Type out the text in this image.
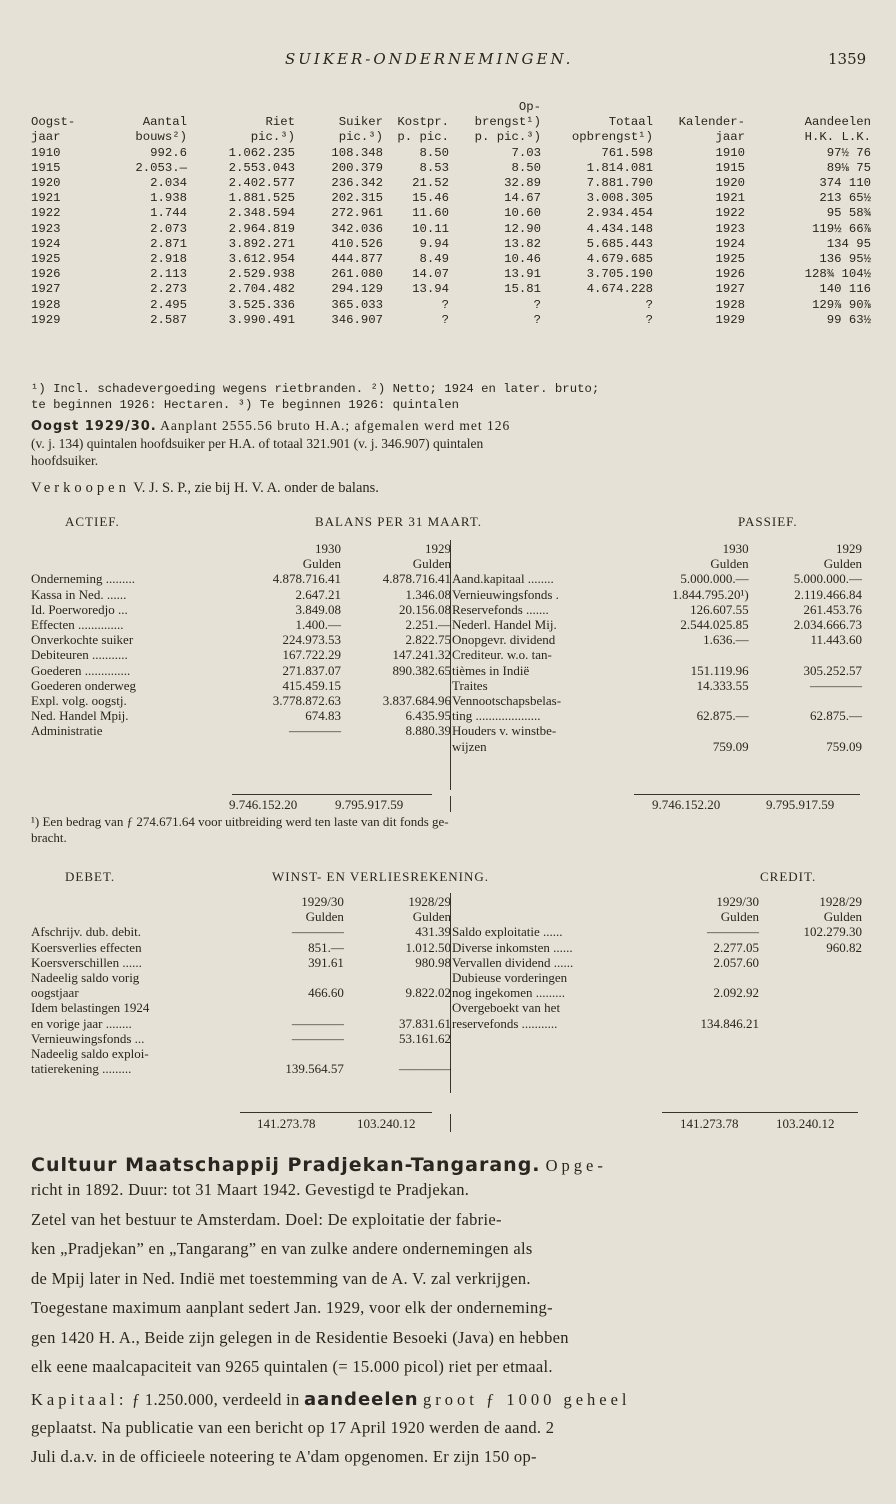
SUIKER-ONDERNEMINGEN.	1359
					Op-			
Oogst-	Aantal	Riet	Suiker	Kostpr.	brengst¹)	Totaal	Kalender-	Aandeelen
jaar	bouws²)	pic.³)	pic.³)	p. pic.	p. pic.³)	opbrengst¹)	jaar	H.K. L.K.
1910	992.6	1.062.235	108.348	8.50	7.03	761.598	1910	97½ 76
1915	2.053.—	2.553.043	200.379	8.53	8.50	1.814.081	1915	89⅛ 75
1920	2.034	2.402.577	236.342	21.52	32.89	7.881.790	1920	374 110
1921	1.938	1.881.525	202.315	15.46	14.67	3.008.305	1921	213 65½
1922	1.744	2.348.594	272.961	11.60	10.60	2.934.454	1922	95 58¾
1923	2.073	2.964.819	342.036	10.11	12.90	4.434.148	1923	119½ 66⅞
1924	2.871	3.892.271	410.526	9.94	13.82	5.685.443	1924	134 95
1925	2.918	3.612.954	444.877	8.49	10.46	4.679.685	1925	136 95½
1926	2.113	2.529.938	261.080	14.07	13.91	3.705.190	1926	128¾ 104½
1927	2.273	2.704.482	294.129	13.94	15.81	4.674.228	1927	140 116
1928	2.495	3.525.336	365.033	?	?	?	1928	129⅞ 90⅞
1929	2.587	3.990.491	346.907	?	?	?	1929	99 63½
¹) Incl. schadevergoeding wegens rietbranden. ²) Netto; 1924 en later. bruto;
te beginnen 1926: Hectaren. ³) Te beginnen 1926: quintalen
Oogst 1929/30. Aanplant 2555.56 bruto H.A.; afgemalen werd met 126
(v. j. 134) quintalen hoofdsuiker per H.A. of totaal 321.901 (v. j. 346.907) quintalen
hoofdsuiker.
Verkoopen V. J. S. P., zie bij H. V. A. onder de balans.
ACTIEF.	BALANS PER 31 MAART.	PASSIEF.
	1930	1929
	Gulden	Gulden
Onderneming .........	4.878.716.41	4.878.716.41
Kassa in Ned. ......	2.647.21	1.346.08
Id. Poerworedjo ...	3.849.08	20.156.08
Effecten ..............	1.400.—	2.251.—
Onverkochte suiker	224.973.53	2.822.75
Debiteuren ...........	167.722.29	147.241.32
Goederen ..............	271.837.07	890.382.65
Goederen onderweg	415.459.15	
Expl. volg. oogstj.	3.778.872.63	3.837.684.96
Ned. Handel Mpij.	674.83	6.435.95
Administratie	————	8.880.39
	1930	1929
	Gulden	Gulden
Aand.kapitaal ........	5.000.000.—	5.000.000.—
Vernieuwingsfonds .	1.844.795.20¹)	2.119.466.84
Reservefonds .......	126.607.55	261.453.76
Nederl. Handel Mij.	2.544.025.85	2.034.666.73
Onopgevr. dividend	1.636.—	11.443.60
Crediteur. w.o. tan-		
tièmes in Indië	151.119.96	305.252.57
Traites	14.333.55	————
Vennootschapsbelas-		
ting ....................	62.875.—	62.875.—
Houders v. winstbe-		
wijzen	759.09	759.09
9.746.152.20	9.795.917.59	9.746.152.20	9.795.917.59
¹) Een bedrag van ƒ 274.671.64 voor uitbreiding werd ten laste van dit fonds ge-
bracht.
DEBET.	WINST- EN VERLIESREKENING.	CREDIT.
	1929/30	1928/29
	Gulden	Gulden
Afschrijv. dub. debit.	————	431.39
Koersverlies effecten	851.—	1.012.50
Koersverschillen ......	391.61	980.98
Nadeelig saldo vorig		
oogstjaar	466.60	9.822.02
Idem belastingen 1924		
en vorige jaar ........	————	37.831.61
Vernieuwingsfonds ...	————	53.161.62
Nadeelig saldo exploi-		
tatierekening .........	139.564.57	————
	1929/30	1928/29
	Gulden	Gulden
Saldo exploitatie ......	————	102.279.30
Diverse inkomsten ......	2.277.05	960.82
Vervallen dividend ......	2.057.60	
Dubieuse vorderingen		
nog ingekomen .........	2.092.92	
Overgeboekt van het		
reservefonds ...........	134.846.21	
141.273.78	103.240.12	141.273.78	103.240.12
Cultuur Maatschappij Pradjekan-Tangarang. Opge-
richt in 1892. Duur: tot 31 Maart 1942. Gevestigd te Pradjekan.
Zetel van het bestuur te Amsterdam. Doel: De exploitatie der fabrie-
ken „Pradjekan” en „Tangarang” en van zulke andere ondernemingen als
de Mpij later in Ned. Indië met toestemming van de A. V. zal verkrijgen.
Toegestane maximum aanplant sedert Jan. 1929, voor elk der onderneming-
gen 1420 H. A., Beide zijn gelegen in de Residentie Besoeki (Java) en hebben
elk eene maalcapaciteit van 9265 quintalen (= 15.000 picol) riet per etmaal.
Kapitaal: ƒ 1.250.000, verdeeld in aandeelen groot ƒ 1000 geheel
geplaatst. Na publicatie van een bericht op 17 April 1920 werden de aand. 2
Juli d.a.v. in de officieele noteering te A'dam opgenomen. Er zijn 150 op-
